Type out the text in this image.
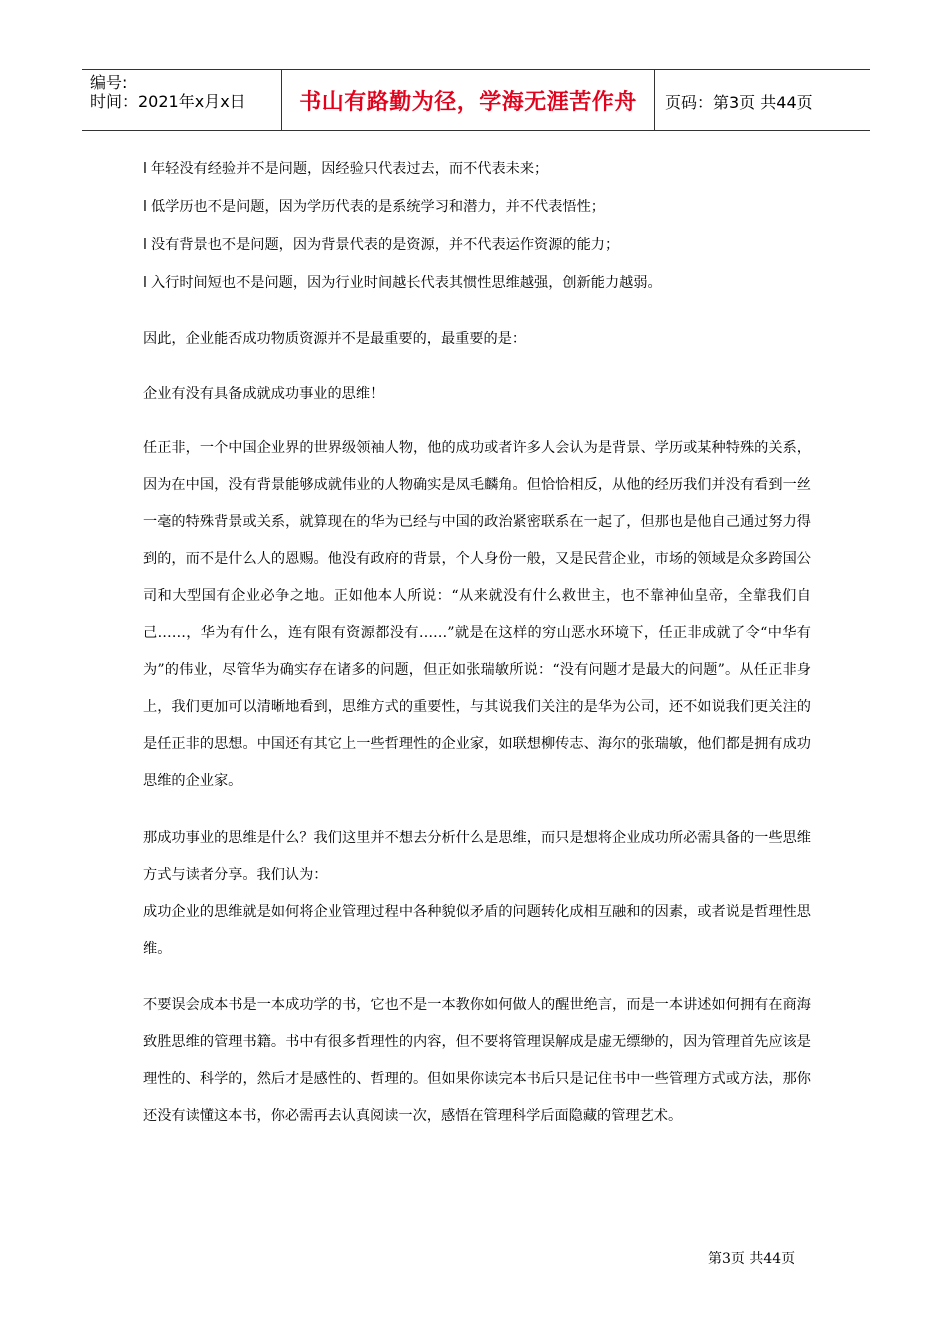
编号:
时间：2021年x月x日	书山有路勤为径，学海无涯苦作舟	页码：第3页 共44页
l 年轻没有经验并不是问题，因经验只代表过去，而不代表未来；
l 低学历也不是问题，因为学历代表的是系统学习和潜力，并不代表悟性；
l 没有背景也不是问题，因为背景代表的是资源，并不代表运作资源的能力；
l 入行时间短也不是问题，因为行业时间越长代表其惯性思维越强，创新能力越弱。
因此，企业能否成功物质资源并不是最重要的，最重要的是：
企业有没有具备成就成功事业的思维！
任正非，一个中国企业界的世界级领袖人物，他的成功或者许多人会认为是背景、学历或某种特殊的关系，因为在中国，没有背景能够成就伟业的人物确实是凤毛麟角。但恰恰相反，从他的经历我们并没有看到一丝一毫的特殊背景或关系，就算现在的华为已经与中国的政治紧密联系在一起了，但那也是他自己通过努力得到的，而不是什么人的恩赐。他没有政府的背景，个人身份一般，又是民营企业，市场的领域是众多跨国公司和大型国有企业必争之地。正如他本人所说：“从来就没有什么救世主，也不靠神仙皇帝，全靠我们自己……，华为有什么，连有限有资源都没有……”就是在这样的穷山恶水环境下，任正非成就了令“中华有为”的伟业，尽管华为确实存在诸多的问题，但正如张瑞敏所说：“没有问题才是最大的问题”。从任正非身上，我们更加可以清晰地看到，思维方式的重要性，与其说我们关注的是华为公司，还不如说我们更关注的是任正非的思想。中国还有其它上一些哲理性的企业家，如联想柳传志、海尔的张瑞敏，他们都是拥有成功思维的企业家。
那成功事业的思维是什么？我们这里并不想去分析什么是思维，而只是想将企业成功所必需具备的一些思维方式与读者分享。我们认为：
成功企业的思维就是如何将企业管理过程中各种貌似矛盾的问题转化成相互融和的因素，或者说是哲理性思维。
不要误会成本书是一本成功学的书，它也不是一本教你如何做人的醒世绝言，而是一本讲述如何拥有在商海致胜思维的管理书籍。书中有很多哲理性的内容，但不要将管理误解成是虚无缥缈的，因为管理首先应该是理性的、科学的，然后才是感性的、哲理的。但如果你读完本书后只是记住书中一些管理方式或方法，那你还没有读懂这本书，你必需再去认真阅读一次，感悟在管理科学后面隐藏的管理艺术。
第3页 共44页
